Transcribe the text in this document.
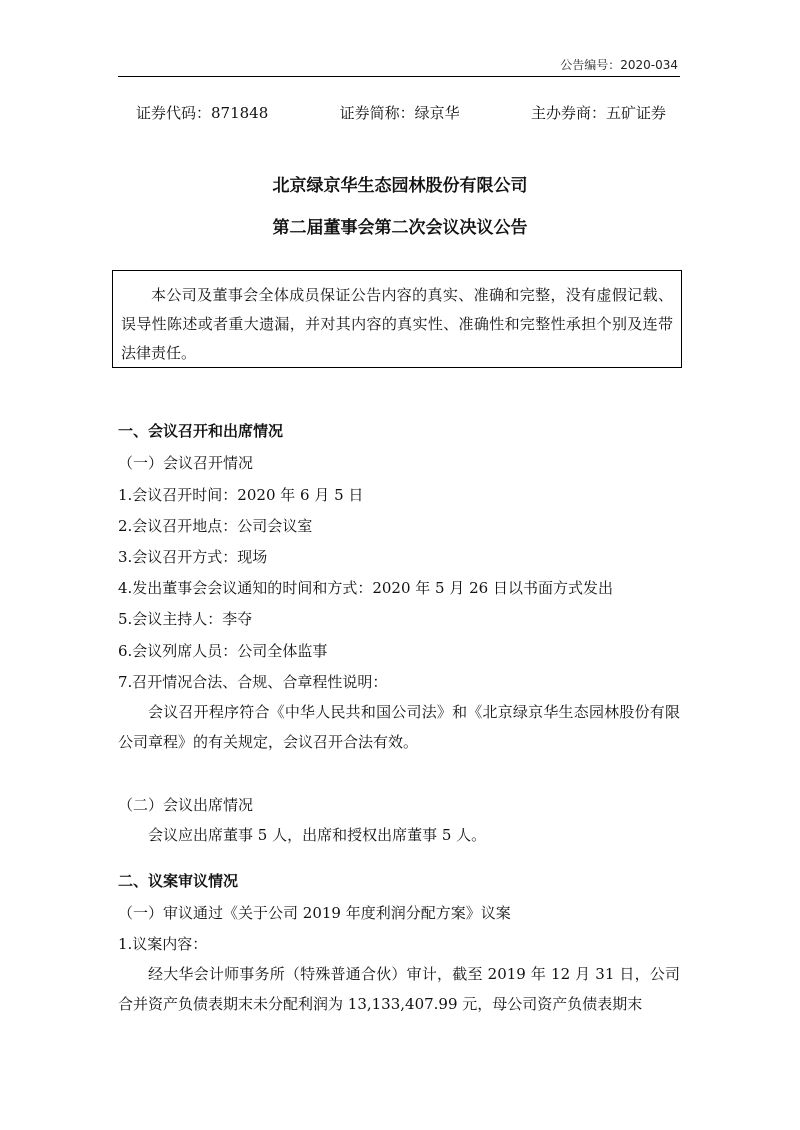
公告编号：2020-034
证券代码：871848	证券简称：绿京华	主办券商：五矿证券
北京绿京华生态园林股份有限公司
第二届董事会第二次会议决议公告
本公司及董事会全体成员保证公告内容的真实、准确和完整，没有虚假记载、误导性陈述或者重大遗漏，并对其内容的真实性、准确性和完整性承担个别及连带法律责任。
一、会议召开和出席情况
（一）会议召开情况
1.会议召开时间：2020 年 6 月 5 日
2.会议召开地点：公司会议室
3.会议召开方式：现场
4.发出董事会会议通知的时间和方式：2020 年 5 月 26 日以书面方式发出
5.会议主持人：李夺
6.会议列席人员：公司全体监事
7.召开情况合法、合规、合章程性说明：
会议召开程序符合《中华人民共和国公司法》和《北京绿京华生态园林股份有限公司章程》的有关规定，会议召开合法有效。
（二）会议出席情况
会议应出席董事 5 人，出席和授权出席董事 5 人。
二、议案审议情况
（一）审议通过《关于公司 2019 年度利润分配方案》议案
1.议案内容：
经大华会计师事务所（特殊普通合伙）审计，截至 2019 年 12 月 31 日，公司合并资产负债表期末未分配利润为 13,133,407.99 元，母公司资产负债表期末
